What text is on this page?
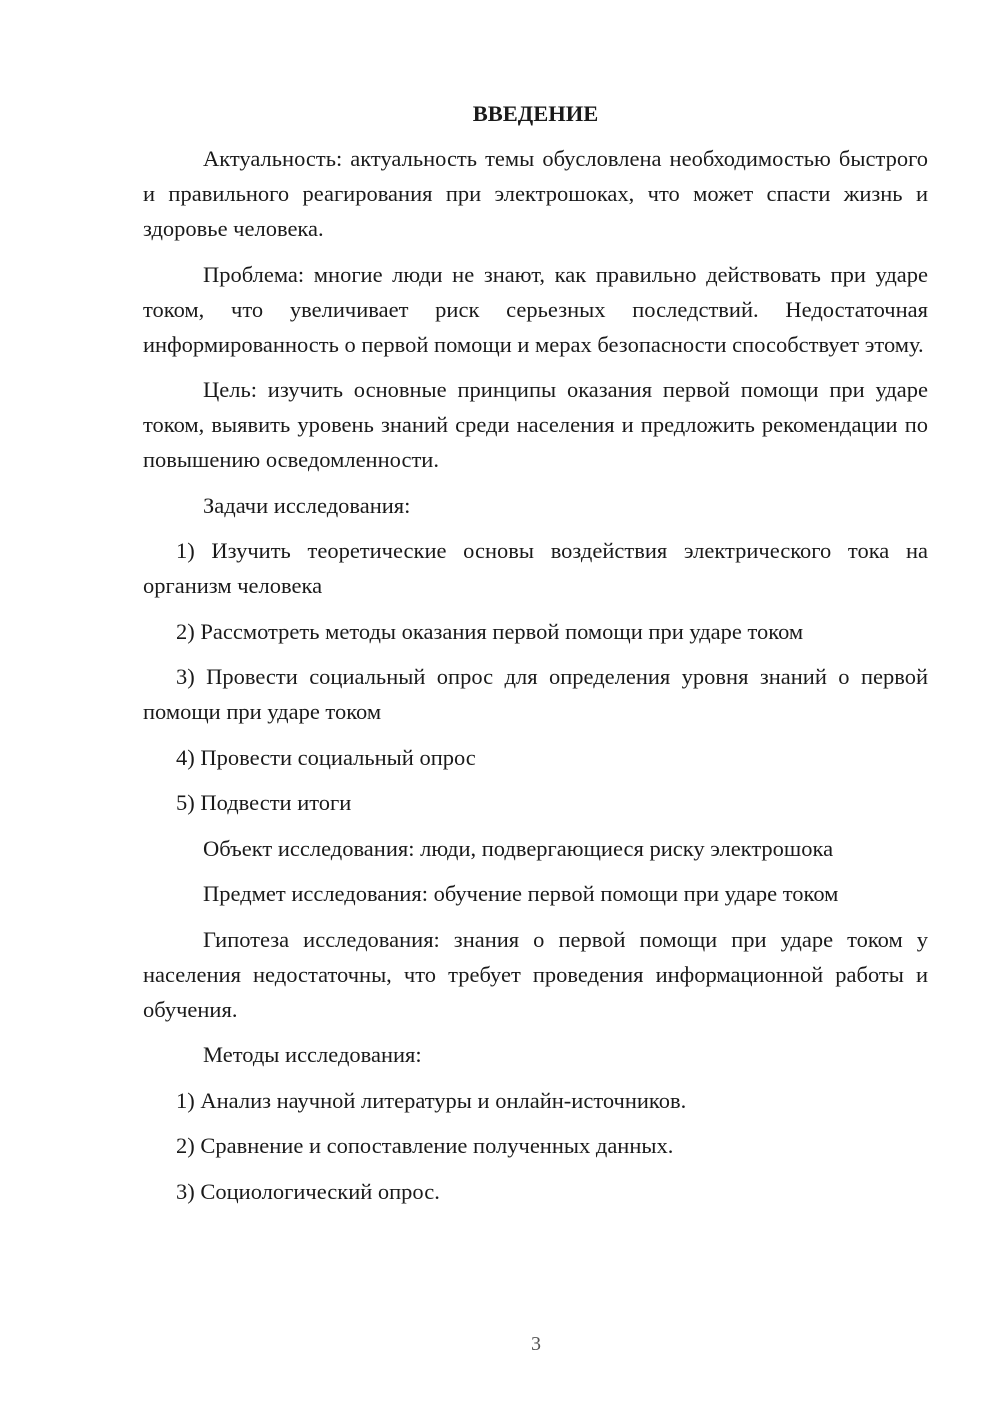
ВВЕДЕНИЕ

Актуальность: актуальность темы обусловлена необходимостью быстрого и правильного реагирования при электрошоках, что может спасти жизнь и здоровье человека.

Проблема: многие люди не знают, как правильно действовать при ударе током, что увеличивает риск серьезных последствий. Недостаточная информированность о первой помощи и мерах безопасности способствует этому.

Цель: изучить основные принципы оказания первой помощи при ударе током, выявить уровень знаний среди населения и предложить рекомендации по повышению осведомленности.

Задачи исследования:

1) Изучить теоретические основы воздействия электрического тока на организм человека

2) Рассмотреть методы оказания первой помощи при ударе током

3) Провести социальный опрос для определения уровня знаний о первой помощи при ударе током

4) Провести социальный опрос

5) Подвести итоги

Объект исследования: люди, подвергающиеся риску электрошока

Предмет исследования: обучение первой помощи при ударе током

Гипотеза исследования: знания о первой помощи при ударе током у населения недостаточны, что требует проведения информационной работы и обучения.

Методы исследования:

1) Анализ научной литературы и онлайн-источников.

2) Сравнение и сопоставление полученных данных.

3) Социологический опрос.

3
